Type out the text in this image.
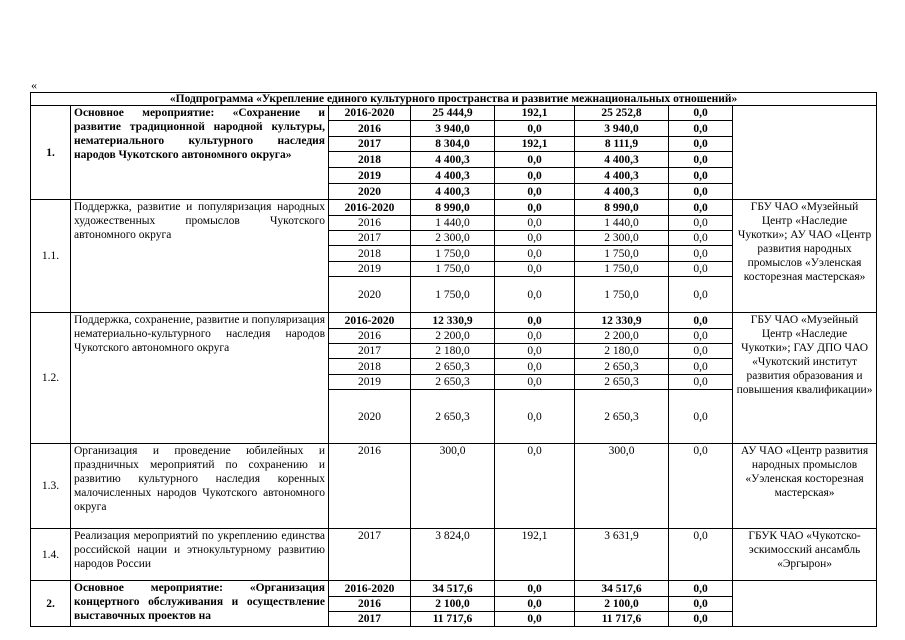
«
«Подпрограмма «Укрепление единого культурного пространства и развитие межнациональных отношений»							
1.	Основное мероприятие: «Сохранение и развитие традиционной народной культуры, нематериального культурного наследия народов Чукотского автономного округа»	2016-2020	25 444,9	192,1	25 252,8	0,0	
		2016	3 940,0	0,0	3 940,0	0,0	
		2017	8 304,0	192,1	8 111,9	0,0	
		2018	4 400,3	0,0	4 400,3	0,0	
		2019	4 400,3	0,0	4 400,3	0,0	
		2020	4 400,3	0,0	4 400,3	0,0	
1.1.	Поддержка, развитие и популяризация народных художественных промыслов Чукотского автономного округа	2016-2020	8 990,0	0,0	8 990,0	0,0	ГБУ ЧАО «Музейный Центр «Наследие Чукотки»; АУ ЧАО «Центр развития народных промыслов «Уэленская косторезная мастерская»
		2016	1 440,0	0,0	1 440,0	0,0	
		2017	2 300,0	0,0	2 300,0	0,0	
		2018	1 750,0	0,0	1 750,0	0,0	
		2019	1 750,0	0,0	1 750,0	0,0	
		2020	1 750,0	0,0	1 750,0	0,0	
1.2.	Поддержка, сохранение, развитие и популяризация нематериально-культурного наследия народов Чукотского автономного округа	2016-2020	12 330,9	0,0	12 330,9	0,0	ГБУ ЧАО «Музейный Центр «Наследие Чукотки»; ГАУ ДПО ЧАО «Чукотский институт развития образования и повышения квалификации»
		2016	2 200,0	0,0	2 200,0	0,0	
		2017	2 180,0	0,0	2 180,0	0,0	
		2018	2 650,3	0,0	2 650,3	0,0	
		2019	2 650,3	0,0	2 650,3	0,0	
		2020	2 650,3	0,0	2 650,3	0,0	
1.3.	Организация и проведение юбилейных и праздничных мероприятий по сохранению и развитию культурного наследия коренных малочисленных народов Чукотского автономного округа	2016	300,0	0,0	300,0	0,0	АУ ЧАО «Центр развития народных промыслов «Уэленская косторезная мастерская»
1.4.	Реализация мероприятий по укреплению единства российской нации и этнокультурному развитию народов России	2017	3 824,0	192,1	3 631,9	0,0	ГБУК ЧАО «Чукотско-эскимосский ансамбль «Эргырон»
2.	Основное мероприятие: «Организация концертного обслуживания и осуществление выставочных проектов на	2016-2020	34 517,6	0,0	34 517,6	0,0	
		2016	2 100,0	0,0	2 100,0	0,0	
		2017	11 717,6	0,0	11 717,6	0,0	
